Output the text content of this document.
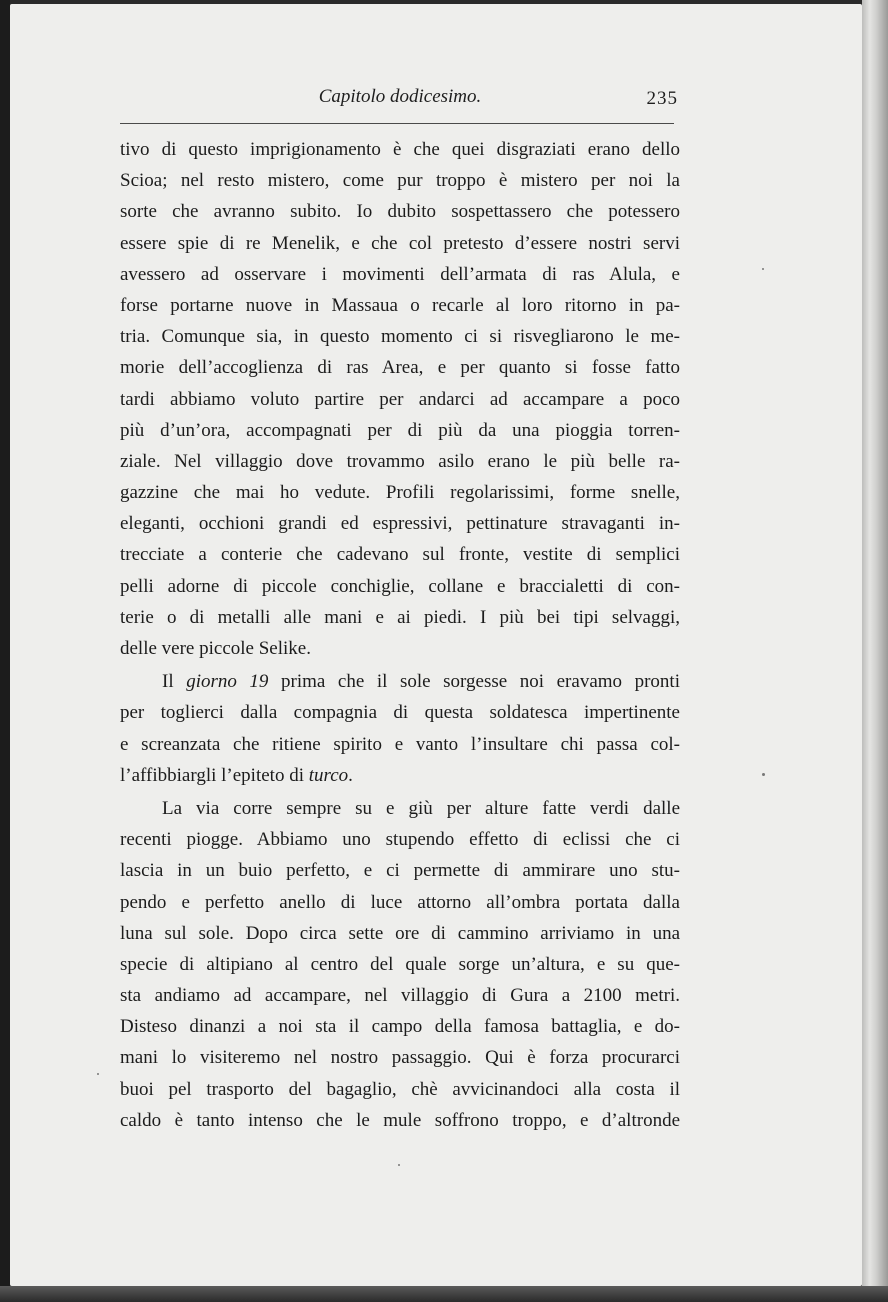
Capitolo dodicesimo.	235
tivo di questo imprigionamento è che quei disgraziati erano dello
Scioa; nel resto mistero, come pur troppo è mistero per noi la
sorte che avranno subito. Io dubito sospettassero che potessero
essere spie di re Menelik, e che col pretesto d’essere nostri servi
avessero ad osservare i movimenti dell’armata di ras Alula, e
forse portarne nuove in Massaua o recarle al loro ritorno in pa-
tria. Comunque sia, in questo momento ci si risvegliarono le me-
morie dell’accoglienza di ras Area, e per quanto si fosse fatto
tardi abbiamo voluto partire per andarci ad accampare a poco
più d’un’ora, accompagnati per di più da una pioggia torren-
ziale. Nel villaggio dove trovammo asilo erano le più belle ra-
gazzine che mai ho vedute. Profili regolarissimi, forme snelle,
eleganti, occhioni grandi ed espressivi, pettinature stravaganti in-
trecciate a conterie che cadevano sul fronte, vestite di semplici
pelli adorne di piccole conchiglie, collane e braccialetti di con-
terie o di metalli alle mani e ai piedi. I più bei tipi selvaggi,
delle vere piccole Selike.
Il giorno 19 prima che il sole sorgesse noi eravamo pronti
per toglierci dalla compagnia di questa soldatesca impertinente
e screanzata che ritiene spirito e vanto l’insultare chi passa col-
l’affibbiargli l’epiteto di turco.
La via corre sempre su e giù per alture fatte verdi dalle
recenti piogge. Abbiamo uno stupendo effetto di eclissi che ci
lascia in un buio perfetto, e ci permette di ammirare uno stu-
pendo e perfetto anello di luce attorno all’ombra portata dalla
luna sul sole. Dopo circa sette ore di cammino arriviamo in una
specie di altipiano al centro del quale sorge un’altura, e su que-
sta andiamo ad accampare, nel villaggio di Gura a 2100 metri.
Disteso dinanzi a noi sta il campo della famosa battaglia, e do-
mani lo visiteremo nel nostro passaggio. Qui è forza procurarci
buoi pel trasporto del bagaglio, chè avvicinandoci alla costa il
caldo è tanto intenso che le mule soffrono troppo, e d’altronde
